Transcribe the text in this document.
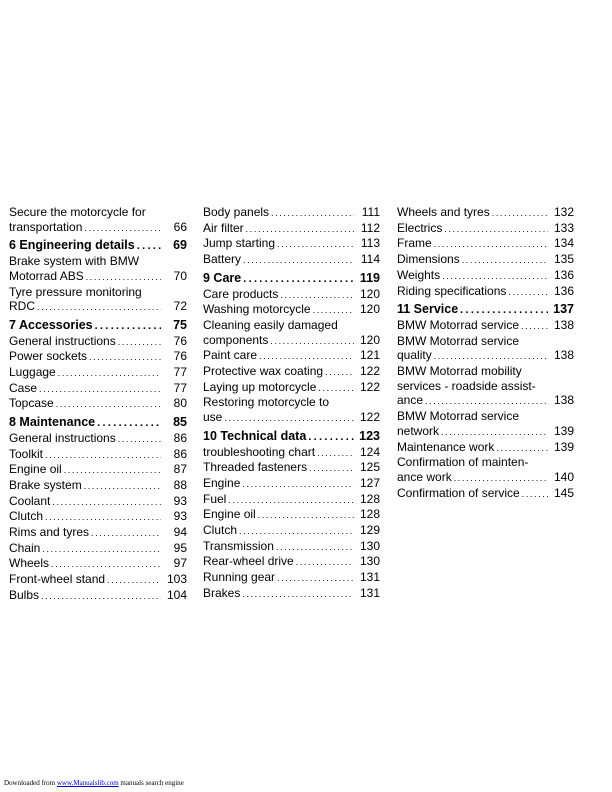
Secure the motorcycle for
transportation .....	66
6 Engineering details .....	69
Brake system with BMW
Motorrad ABS .....	70
Tyre pressure monitoring
RDC .....	72
7 Accessories .....	75
General instructions .....	76
Power sockets .....	76
Luggage .....	77
Case .....	77
Topcase .....	80
8 Maintenance .....	85
General instructions .....	86
Toolkit .....	86
Engine oil .....	87
Brake system .....	88
Coolant .....	93
Clutch .....	93
Rims and tyres .....	94
Chain .....	95
Wheels .....	97
Front-wheel stand .....	103
Bulbs .....	104
Body panels .....	111
Air filter .....	112
Jump starting .....	113
Battery .....	114
9 Care .....	119
Care products .....	120
Washing motorcycle .....	120
Cleaning easily damaged
components .....	120
Paint care .....	121
Protective wax coating .....	122
Laying up motorcycle .....	122
Restoring motorcycle to
use .....	122
10 Technical data .....	123
troubleshooting chart .....	124
Threaded fasteners .....	125
Engine .....	127
Fuel .....	128
Engine oil .....	128
Clutch .....	129
Transmission .....	130
Rear-wheel drive .....	130
Running gear .....	131
Brakes .....	131
Wheels and tyres .....	132
Electrics .....	133
Frame .....	134
Dimensions .....	135
Weights .....	136
Riding specifications .....	136
11 Service .....	137
BMW Motorrad service .....	138
BMW Motorrad service
quality .....	138
BMW Motorrad mobility
services - roadside assist-
ance .....	138
BMW Motorrad service
network .....	139
Maintenance work .....	139
Confirmation of mainten-
ance work .....	140
Confirmation of service .....	145
Downloaded from www.Manualslib.com manuals search engine
